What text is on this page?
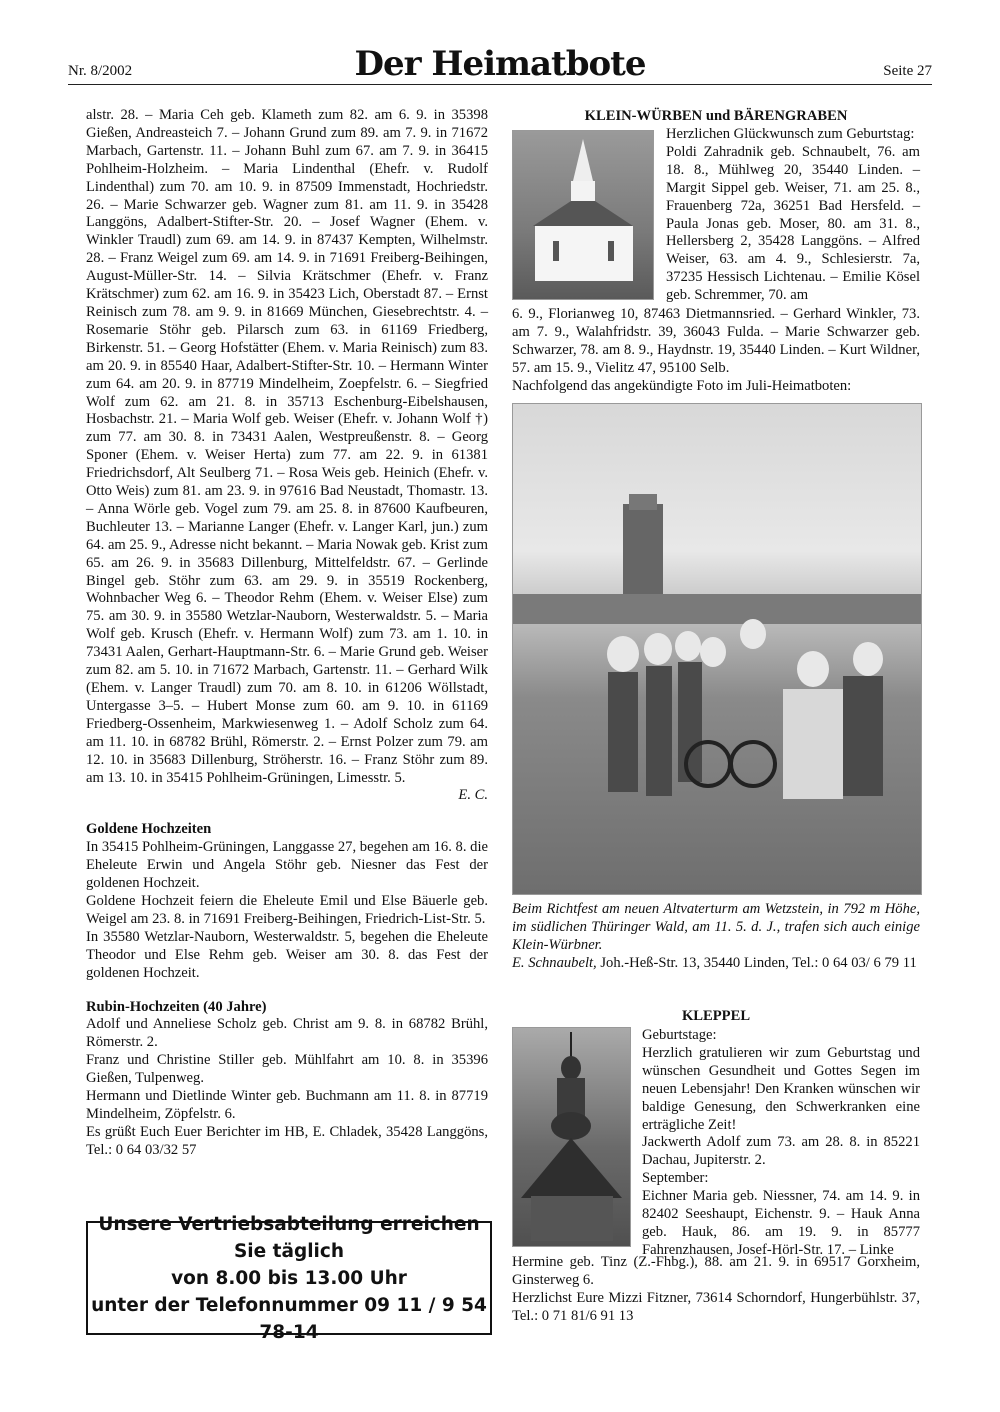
Nr. 8/2002	Der Heimatbote	Seite 27

alstr. 28. – Maria Ceh geb. Klameth zum 82. am 6. 9. in 35398 Gießen, Andreasteich 7. – Johann Grund zum 89. am 7. 9. in 71672 Marbach, Gartenstr. 11. – Johann Buhl zum 67. am 7. 9. in 36415 Pohlheim-Holzheim. – Maria Lindenthal (Ehefr. v. Rudolf Lindenthal) zum 70. am 10. 9. in 87509 Immenstadt, Hochriedstr. 26. – Marie Schwarzer geb. Wagner zum 81. am 11. 9. in 35428 Langgöns, Adalbert-Stifter-Str. 20. – Josef Wagner (Ehem. v. Winkler Traudl) zum 69. am 14. 9. in 87437 Kempten, Wilhelmstr. 28. – Franz Weigel zum 69. am 14. 9. in 71691 Freiberg-Beihingen, August-Müller-Str. 14. – Silvia Krätschmer (Ehefr. v. Franz Krätschmer) zum 62. am 16. 9. in 35423 Lich, Oberstadt 87. – Ernst Reinisch zum 78. am 9. 9. in 81669 München, Giesebrechtstr. 4. – Rosemarie Stöhr geb. Pilarsch zum 63. in 61169 Friedberg, Birkenstr. 51. – Georg Hofstätter (Ehem. v. Maria Reinisch) zum 83. am 20. 9. in 85540 Haar, Adalbert-Stifter-Str. 10. – Hermann Winter zum 64. am 20. 9. in 87719 Mindelheim, Zoepfelstr. 6. – Siegfried Wolf zum 62. am 21. 8. in 35713 Eschenburg-Eibelshausen, Hosbachstr. 21. – Maria Wolf geb. Weiser (Ehefr. v. Johann Wolf †) zum 77. am 30. 8. in 73431 Aalen, Westpreußenstr. 8. – Georg Sponer (Ehem. v. Weiser Herta) zum 77. am 22. 9. in 61381 Friedrichsdorf, Alt Seulberg 71. – Rosa Weis geb. Heinich (Ehefr. v. Otto Weis) zum 81. am 23. 9. in 97616 Bad Neustadt, Thomastr. 13. – Anna Wörle geb. Vogel zum 79. am 25. 8. in 87600 Kaufbeuren, Buchleuter 13. – Marianne Langer (Ehefr. v. Langer Karl, jun.) zum 64. am 25. 9., Adresse nicht bekannt. – Maria Nowak geb. Krist zum 65. am 26. 9. in 35683 Dillenburg, Mittelfeldstr. 67. – Gerlinde Bingel geb. Stöhr zum 63. am 29. 9. in 35519 Rockenberg, Wohnbacher Weg 6. – Theodor Rehm (Ehem. v. Weiser Else) zum 75. am 30. 9. in 35580 Wetzlar-Nauborn, Westerwaldstr. 5. – Maria Wolf geb. Krusch (Ehefr. v. Hermann Wolf) zum 73. am 1. 10. in 73431 Aalen, Gerhart-Hauptmann-Str. 6. – Marie Grund geb. Weiser zum 82. am 5. 10. in 71672 Marbach, Gartenstr. 11. – Gerhard Wilk (Ehem. v. Langer Traudl) zum 70. am 8. 10. in 61206 Wöllstadt, Untergasse 3–5. – Hubert Monse zum 60. am 9. 10. in 61169 Friedberg-Ossenheim, Markwiesenweg 1. – Adolf Scholz zum 64. am 11. 10. in 68782 Brühl, Römerstr. 2. – Ernst Polzer zum 79. am 12. 10. in 35683 Dillenburg, Ströherstr. 16. – Franz Stöhr zum 89. am 13. 10. in 35415 Pohlheim-Grüningen, Limesstr. 5.

E. C.

Goldene Hochzeiten

In 35415 Pohlheim-Grüningen, Langgasse 27, begehen am 16. 8. die Eheleute Erwin und Angela Stöhr geb. Niesner das Fest der goldenen Hochzeit.

Goldene Hochzeit feiern die Eheleute Emil und Else Bäuerle geb. Weigel am 23. 8. in 71691 Freiberg-Beihingen, Friedrich-List-Str. 5.

In 35580 Wetzlar-Nauborn, Westerwaldstr. 5, begehen die Eheleute Theodor und Else Rehm geb. Weiser am 30. 8. das Fest der goldenen Hochzeit.

Rubin-Hochzeiten (40 Jahre)

Adolf und Anneliese Scholz geb. Christ am 9. 8. in 68782 Brühl, Römerstr. 2.

Franz und Christine Stiller geb. Mühlfahrt am 10. 8. in 35396 Gießen, Tulpenweg.

Hermann und Dietlinde Winter geb. Buchmann am 11. 8. in 87719 Mindelheim, Zöpfelstr. 6.

Es grüßt Euch Euer Berichter im HB, E. Chladek, 35428 Langgöns, Tel.: 0 64 03/32 57

Unsere Vertriebsabteilung erreichen Sie täglich
von 8.00 bis 13.00 Uhr
unter der Telefonnummer 09 11 / 9 54 78-14
KLEIN-WÜRBEN und BÄRENGRABEN

Herzlichen Glückwunsch zum Geburtstag:

Poldi Zahradnik geb. Schnaubelt, 76. am 18. 8., Mühlweg 20, 35440 Linden. – Margit Sippel geb. Weiser, 71. am 25. 8., Frauenberg 72a, 36251 Bad Hersfeld. – Paula Jonas geb. Moser, 80. am 31. 8., Hellersberg 2, 35428 Langgöns. – Alfred Weiser, 63. am 4. 9., Schlesierstr. 7a, 37235 Hessisch Lichtenau. – Emilie Kösel geb. Schremmer, 70. am

6. 9., Florianweg 10, 87463 Dietmannsried. – Gerhard Winkler, 73. am 7. 9., Walahfridstr. 39, 36043 Fulda. – Marie Schwarzer geb. Schwarzer, 78. am 8. 9., Haydnstr. 19, 35440 Linden. – Kurt Wildner, 57. am 15. 9., Vielitz 47, 95100 Selb.

Nachfolgend das angekündigte Foto im Juli-Heimatboten:

Beim Richtfest am neuen Altvaterturm am Wetzstein, in 792 m Höhe, im südlichen Thüringer Wald, am 11. 5. d. J., trafen sich auch einige Klein-Würbner.

E. Schnaubelt, Joh.-Heß-Str. 13, 35440 Linden, Tel.: 0 64 03/ 6 79 11

KLEPPEL

Geburtstage:

Herzlich gratulieren wir zum Geburtstag und wünschen Gesundheit und Gottes Segen im neuen Lebensjahr! Den Kranken wünschen wir baldige Genesung, den Schwerkranken eine erträgliche Zeit!

Jackwerth Adolf zum 73. am 28. 8. in 85221 Dachau, Jupiterstr. 2.

September:

Eichner Maria geb. Niessner, 74. am 14. 9. in 82402 Seeshaupt, Eichenstr. 9. – Hauk Anna geb. Hauk, 86. am 19. 9. in 85777 Fahrenzhausen, Josef-Hörl-Str. 17. – Linke

Hermine geb. Tinz (Z.-Fhbg.), 88. am 21. 9. in 69517 Gorxheim, Ginsterweg 6.

Herzlichst Eure Mizzi Fitzner, 73614 Schorndorf, Hungerbühlstr. 37, Tel.: 0 71 81/6 91 13
